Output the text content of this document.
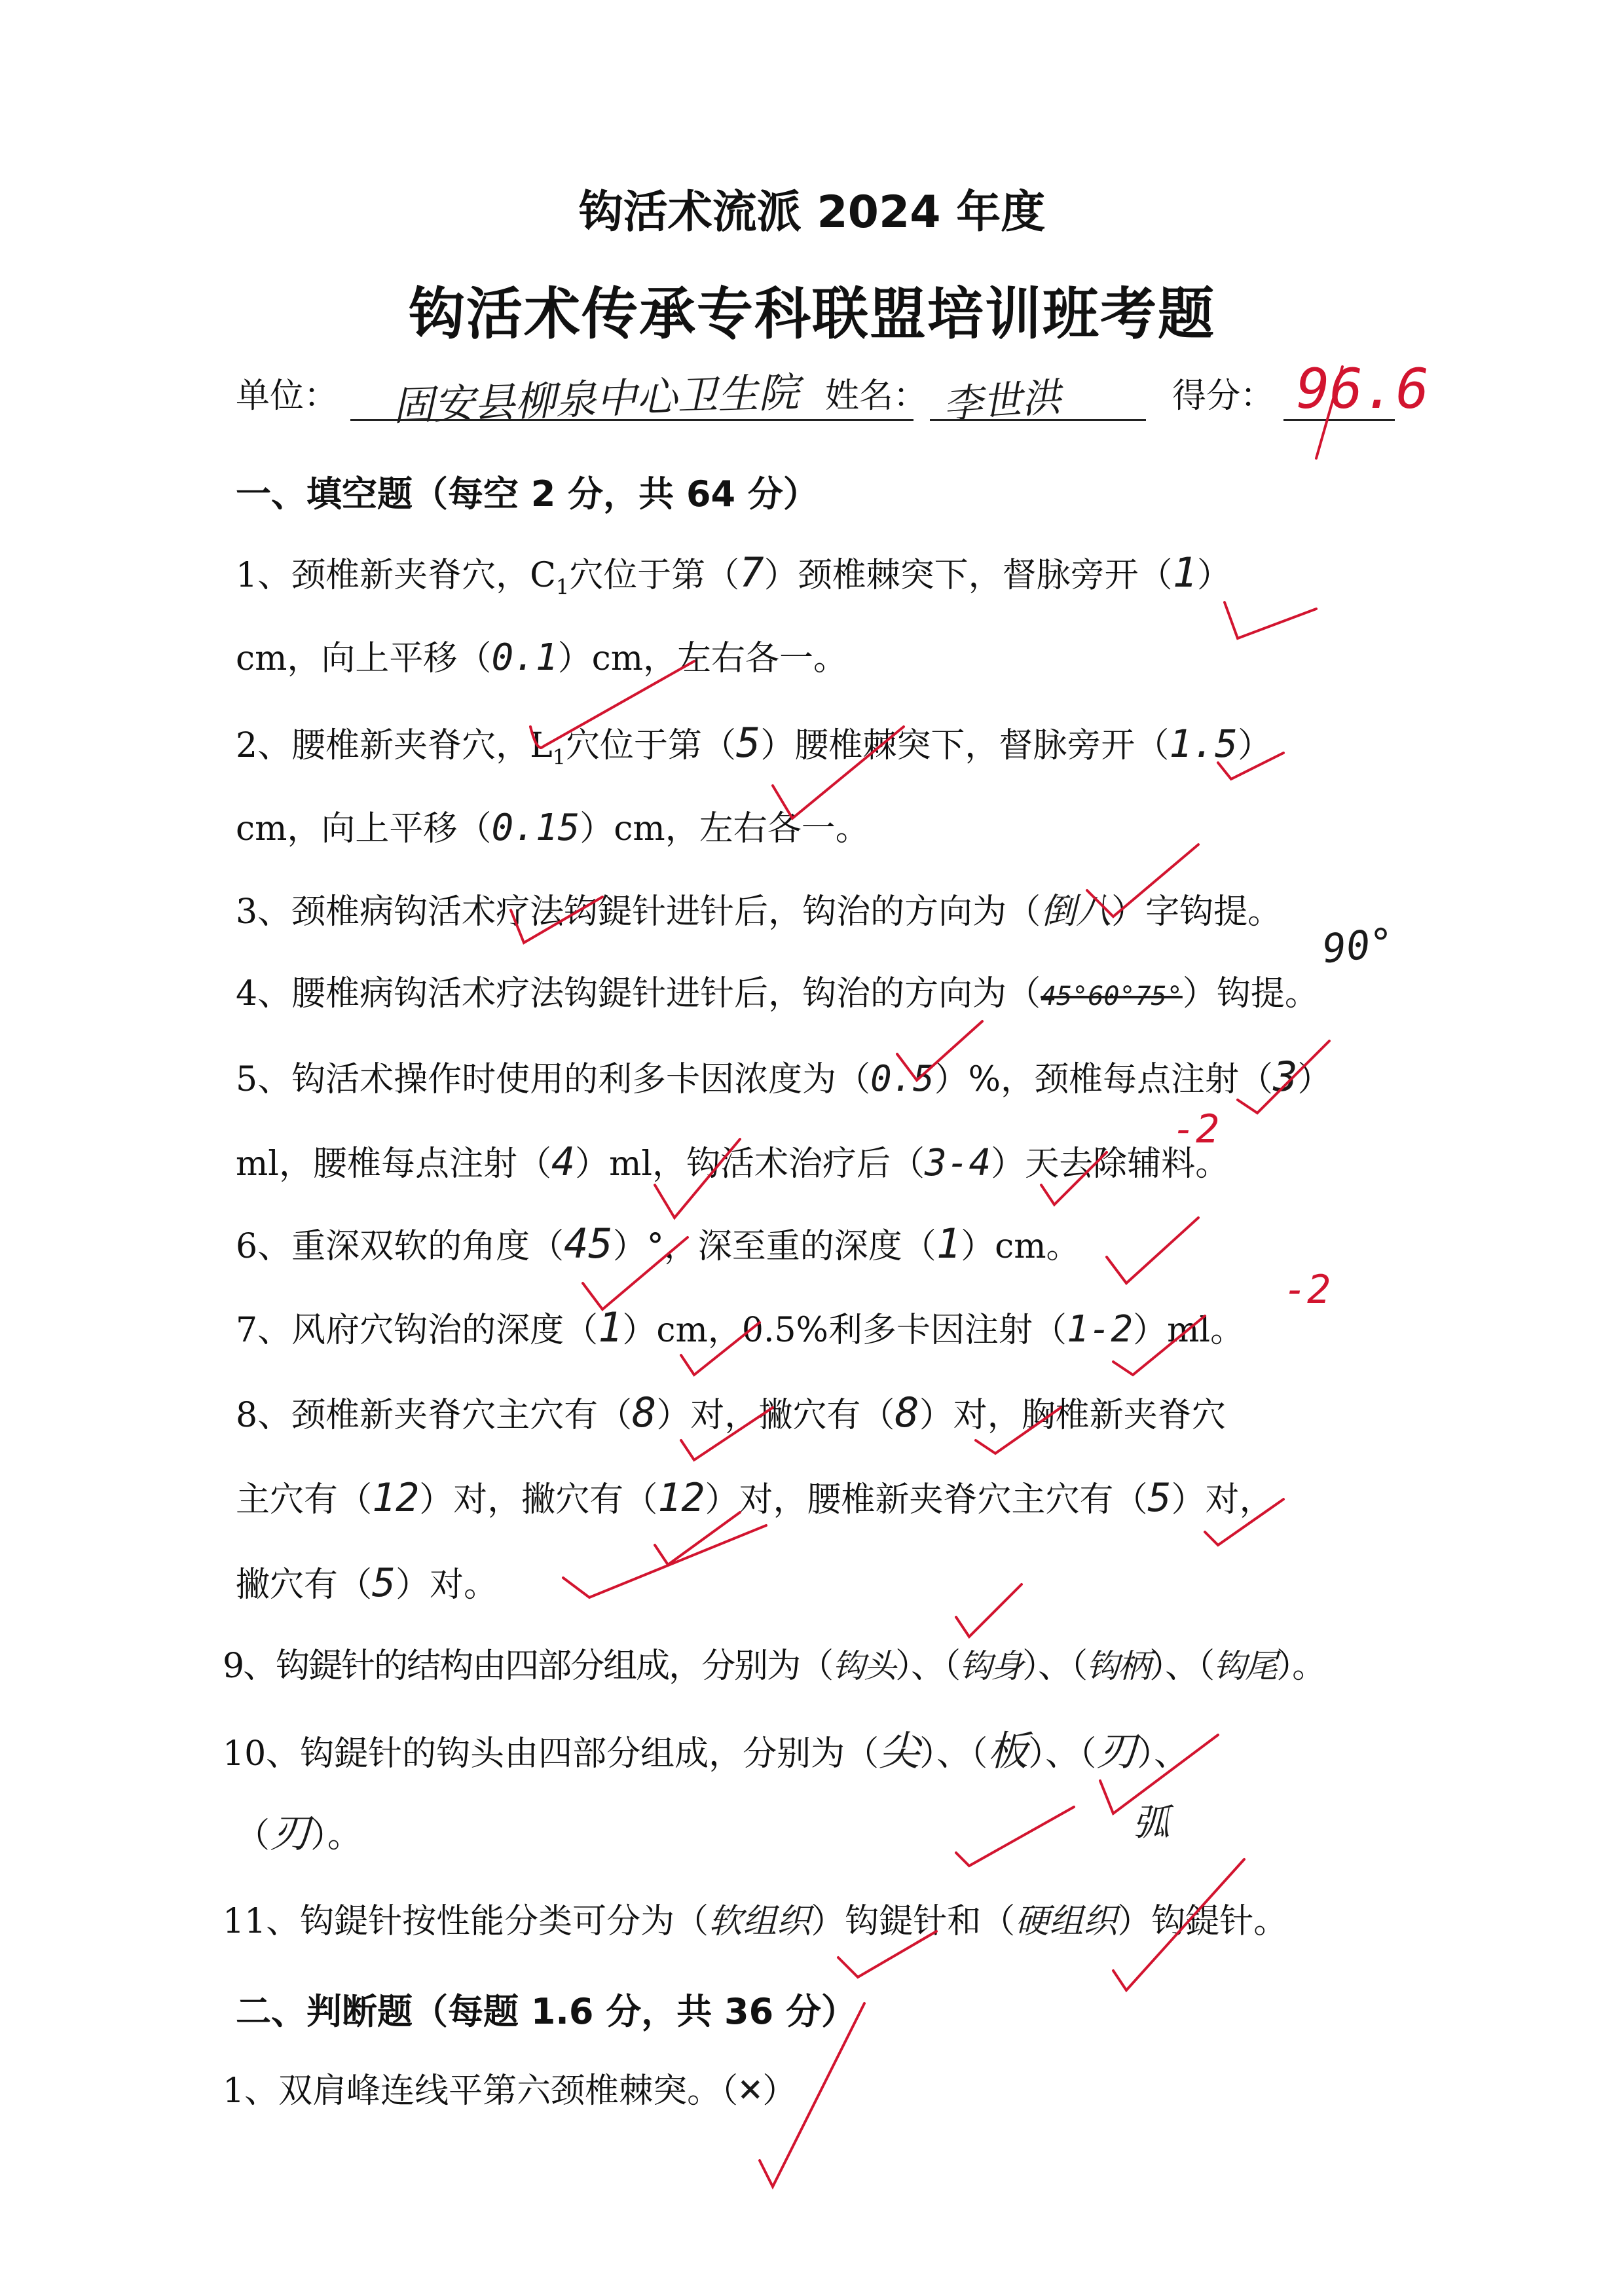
钩活术流派 2024 年度
钩活术传承专科联盟培训班考题
单位： 固安县柳泉中心卫生院 姓名： 李世洪	得分： 96.6
一、填空题（每空 2 分，共 64 分）
1、颈椎新夹脊穴，$C_1$穴位于第（7）颈椎棘突下，督脉旁开（1）
cm，向上平移（0.1）cm，左右各一。
2、腰椎新夹脊穴，$L_1$穴位于第（5）腰椎棘突下，督脉旁开（1.5）
cm，向上平移（0.15）cm，左右各一。
3、颈椎病钩活术疗法钩鍉针进针后，钩治的方向为（倒八）字钩提。
4、腰椎病钩活术疗法钩鍉针进针后，钩治的方向为（45°60°75°）钩提。
90°
5、钩活术操作时使用的利多卡因浓度为（0.5）%，颈椎每点注射（3）
ml，腰椎每点注射（4）ml，钩活术治疗后（3-4）天去除辅料。
-2
6、重深双软的角度（45）°，深至重的深度（1）cm。
7、风府穴钩治的深度（1）cm，0.5%利多卡因注射（1-2）ml。
-2
8、颈椎新夹脊穴主穴有（8）对，撇穴有（8）对，胸椎新夹脊穴
主穴有（12）对，撇穴有（12）对，腰椎新夹脊穴主穴有（5）对，
撇穴有（5）对。
9、钩鍉针的结构由四部分组成，分别为（钩头）、（钩身）、（钩柄）、（钩尾）。
10、钩鍉针的钩头由四部分组成，分别为（尖）、（板）、（刃）、
弧
（刃）。
11、钩鍉针按性能分类可分为（软组织）钩鍉针和（硬组织）钩鍉针。
二、判断题（每题 1.6 分，共 36 分）
1、双肩峰连线平第六颈椎棘突。（×）
